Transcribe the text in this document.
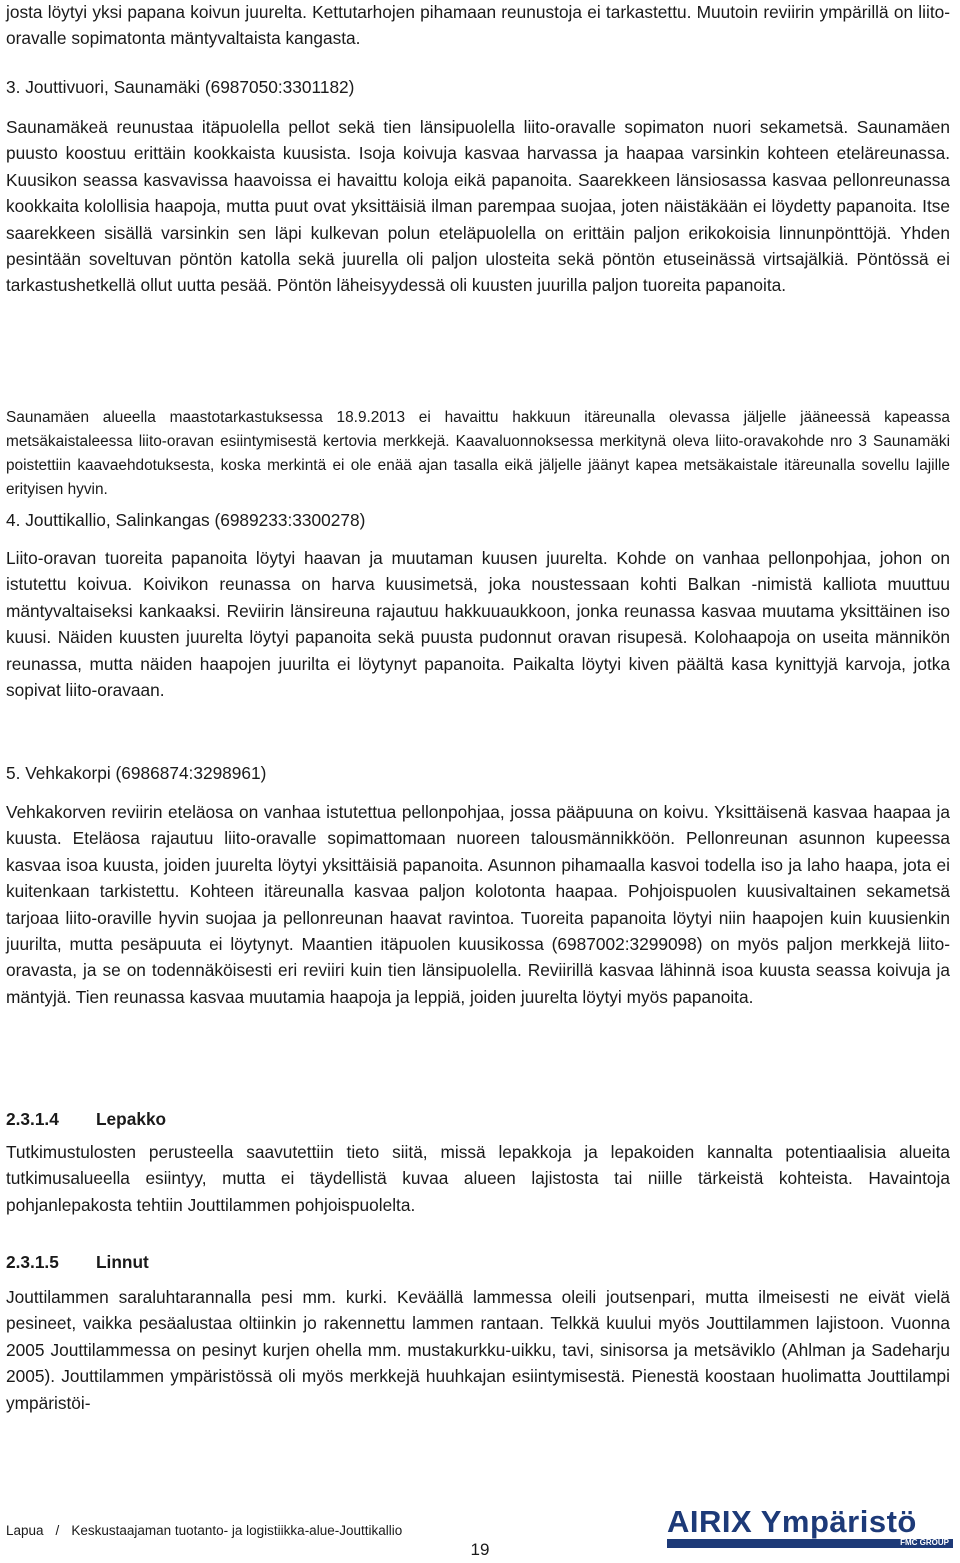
josta löytyi yksi papana koivun juurelta. Kettutarhojen pihamaan reunustoja ei tarkastettu. Muutoin reviirin ympärillä on liito-oravalle sopimatonta mäntyvaltaista kangasta.

3. Jouttivuori, Saunamäki (6987050:3301182)

Saunamäkeä reunustaa itäpuolella pellot sekä tien länsipuolella liito-oravalle sopimaton nuori sekametsä. Saunamäen puusto koostuu erittäin kookkaista kuusista. Isoja koivuja kasvaa harvassa ja haapaa varsinkin kohteen eteläreunassa. Kuusikon seassa kasvavissa haavoissa ei havaittu koloja eikä papanoita. Saarekkeen länsiosassa kasvaa pellonreunassa kookkaita kolollisia haapoja, mutta puut ovat yksittäisiä ilman parempaa suojaa, joten näistäkään ei löydetty papanoita. Itse saarekkeen sisällä varsinkin sen läpi kulkevan polun eteläpuolella on erittäin paljon erikokoisia linnunpönttöjä. Yhden pesintään soveltuvan pöntön katolla sekä juurella oli paljon ulosteita sekä pöntön etuseinässä virtsajälkiä. Pöntössä ei tarkastushetkellä ollut uutta pesää. Pöntön läheisyydessä oli kuusten juurilla paljon tuoreita papanoita.

Saunamäen alueella maastotarkastuksessa 18.9.2013 ei havaittu hakkuun itäreunalla olevassa jäljelle jääneessä kapeassa metsäkaistaleessa liito-oravan esiintymisestä kertovia merkkejä. Kaavaluonnoksessa merkitynä oleva liito-oravakohde nro 3 Saunamäki poistettiin kaavaehdotuksesta, koska merkintä ei ole enää ajan tasalla eikä jäljelle jäänyt kapea metsäkaistale itäreunalla sovellu lajille erityisen hyvin.

4. Jouttikallio, Salinkangas (6989233:3300278)

Liito-oravan tuoreita papanoita löytyi haavan ja muutaman kuusen juurelta. Kohde on vanhaa pellonpohjaa, johon on istutettu koivua. Koivikon reunassa on harva kuusimetsä, joka noustessaan kohti Balkan -nimistä kalliota muuttuu mäntyvaltaiseksi kankaaksi. Reviirin länsireuna rajautuu hakkuuaukkoon, jonka reunassa kasvaa muutama yksittäinen iso kuusi. Näiden kuusten juurelta löytyi papanoita sekä puusta pudonnut oravan risupesä. Kolohaapoja on useita männikön reunassa, mutta näiden haapojen juurilta ei löytynyt papanoita. Paikalta löytyi kiven päältä kasa kynittyjä karvoja, jotka sopivat liito-oravaan.

5. Vehkakorpi (6986874:3298961)

Vehkakorven reviirin eteläosa on vanhaa istutettua pellonpohjaa, jossa pääpuuna on koivu. Yksittäisenä kasvaa haapaa ja kuusta. Eteläosa rajautuu liito-oravalle sopimattomaan nuoreen talousmännikköön. Pellonreunan asunnon kupeessa kasvaa isoa kuusta, joiden juurelta löytyi yksittäisiä papanoita. Asunnon pihamaalla kasvoi todella iso ja laho haapa, jota ei kuitenkaan tarkistettu. Kohteen itäreunalla kasvaa paljon kolotonta haapaa. Pohjoispuolen kuusivaltainen sekametsä tarjoaa liito-oraville hyvin suojaa ja pellonreunan haavat ravintoa. Tuoreita papanoita löytyi niin haapojen kuin kuusienkin juurilta, mutta pesäpuuta ei löytynyt. Maantien itäpuolen kuusikossa (6987002:3299098) on myös paljon merkkejä liito-oravasta, ja se on todennäköisesti eri reviiri kuin tien länsipuolella. Reviirillä kasvaa lähinnä isoa kuusta seassa koivuja ja mäntyjä. Tien reunassa kasvaa muutamia haapoja ja leppiä, joiden juurelta löytyi myös papanoita.

2.3.1.4 Lepakko

Tutkimustulosten perusteella saavutettiin tieto siitä, missä lepakkoja ja lepakoiden kannalta potentiaalisia alueita tutkimusalueella esiintyy, mutta ei täydellistä kuvaa alueen lajistosta tai niille tärkeistä kohteista. Havaintoja pohjanlepakosta tehtiin Jouttilammen pohjoispuolelta.

2.3.1.5 Linnut

Jouttilammen saraluhtarannalla pesi mm. kurki. Keväällä lammessa oleili joutsenpari, mutta ilmeisesti ne eivät vielä pesineet, vaikka pesäalustaa oltiinkin jo rakennettu lammen rantaan. Telkkä kuului myös Jouttilammen lajistoon. Vuonna 2005 Jouttilammessa on pesinyt kurjen ohella mm. mustakurkku-uikku, tavi, sinisorsa ja metsäviklo (Ahlman ja Sadeharju 2005). Jouttilammen ympäristössä oli myös merkkejä huuhkajan esiintymisestä. Pienestä koostaan huolimatta Jouttilampi ympäristöi-

Lapua / Keskustaajaman tuotanto- ja logistiikka-alue-Jouttikallio
19
AIRIX Ympäristö
FMC GROUP
